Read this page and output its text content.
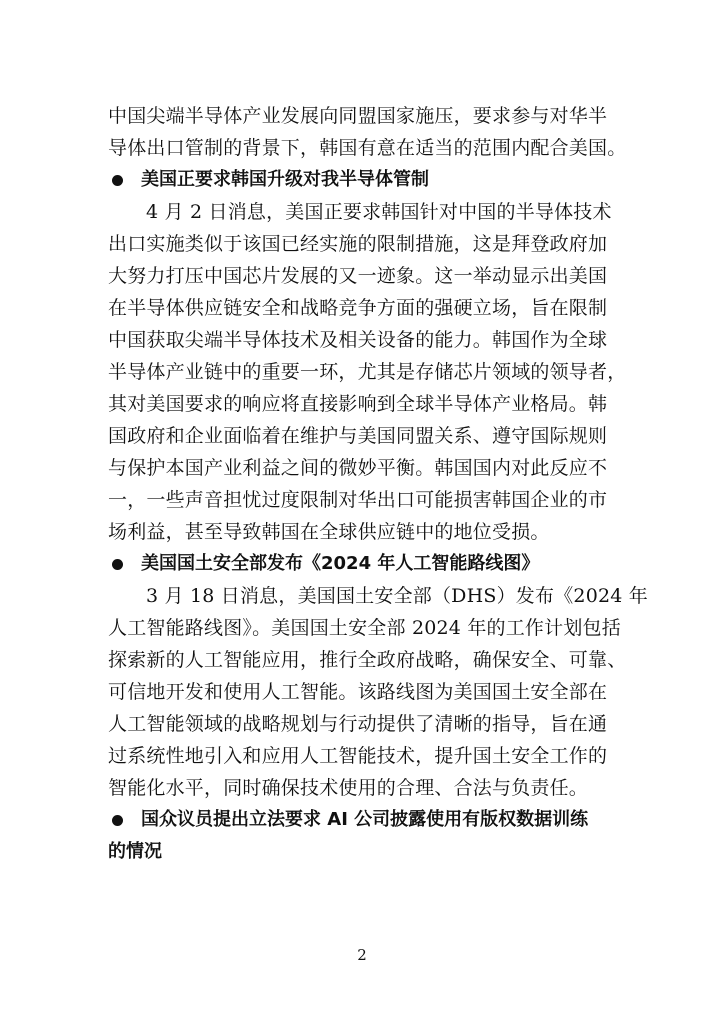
中国尖端半导体产业发展向同盟国家施压，要求参与对华半
导体出口管制的背景下，韩国有意在适当的范围内配合美国。
美国正要求韩国升级对我半导体管制
4 月 2 日消息，美国正要求韩国针对中国的半导体技术
出口实施类似于该国已经实施的限制措施，这是拜登政府加
大努力打压中国芯片发展的又一迹象。这一举动显示出美国
在半导体供应链安全和战略竞争方面的强硬立场，旨在限制
中国获取尖端半导体技术及相关设备的能力。韩国作为全球
半导体产业链中的重要一环，尤其是存储芯片领域的领导者，
其对美国要求的响应将直接影响到全球半导体产业格局。韩
国政府和企业面临着在维护与美国同盟关系、遵守国际规则
与保护本国产业利益之间的微妙平衡。韩国国内对此反应不
一，一些声音担忧过度限制对华出口可能损害韩国企业的市
场利益，甚至导致韩国在全球供应链中的地位受损。
美国国土安全部发布《2024 年人工智能路线图》
3 月 18 日消息，美国国土安全部（DHS）发布《2024 年
人工智能路线图》。美国国土安全部 2024 年的工作计划包括
探索新的人工智能应用，推行全政府战略，确保安全、可靠、
可信地开发和使用人工智能。该路线图为美国国土安全部在
人工智能领域的战略规划与行动提供了清晰的指导，旨在通
过系统性地引入和应用人工智能技术，提升国土安全工作的
智能化水平，同时确保技术使用的合理、合法与负责任。
国众议员提出立法要求 AI 公司披露使用有版权数据训练
的情况
2
